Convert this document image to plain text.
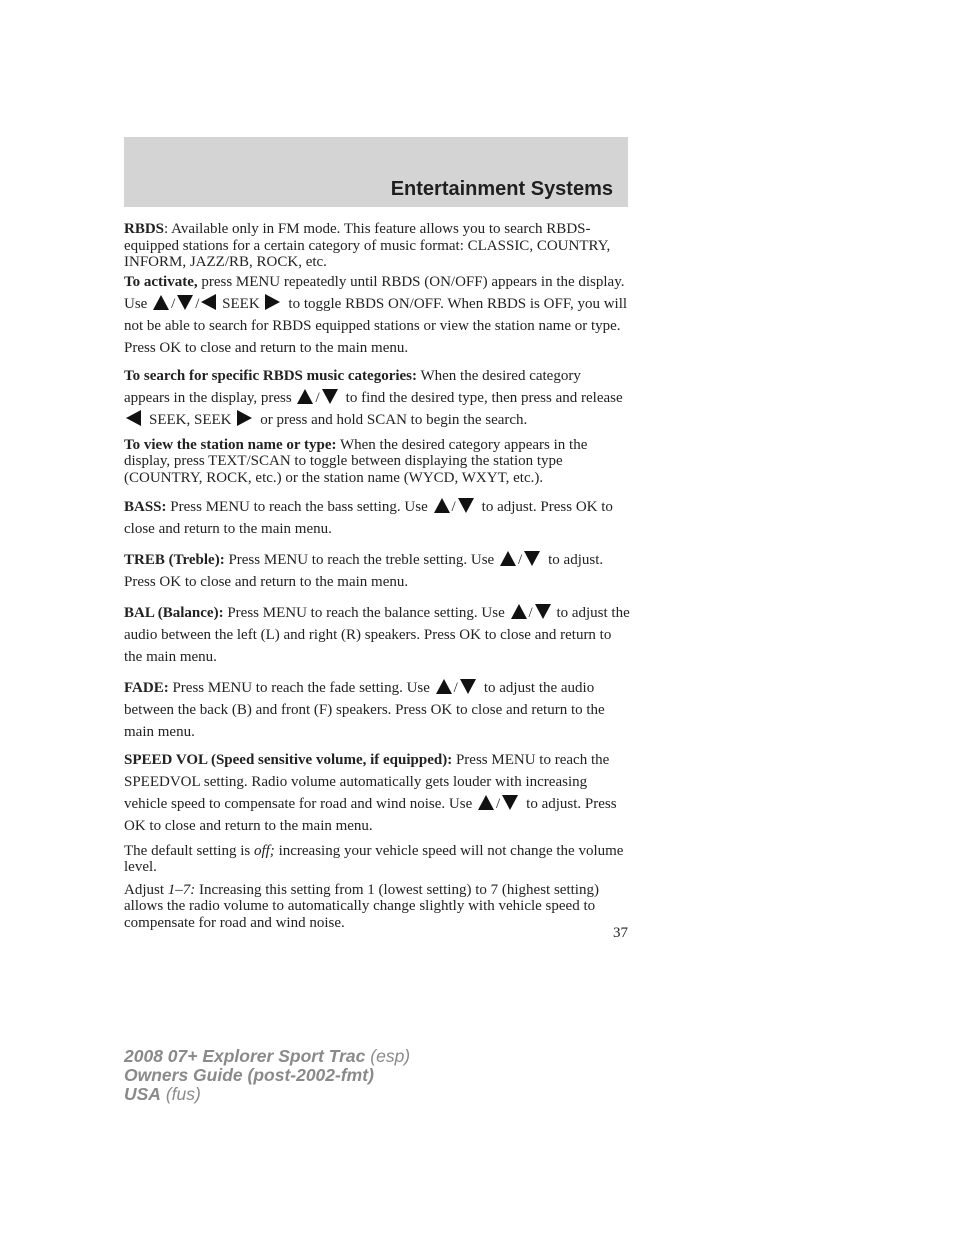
Entertainment Systems

RBDS: Available only in FM mode. This feature allows you to search RBDS-equipped stations for a certain category of music format: CLASSIC, COUNTRY, INFORM, JAZZ/RB, ROCK, etc.

To activate, press MENU repeatedly until RBDS (ON/OFF) appears in the display. Use / / SEEK to toggle RBDS ON/OFF. When RBDS is OFF, you will not be able to search for RBDS equipped stations or view the station name or type. Press OK to close and return to the main menu.

To search for specific RBDS music categories: When the desired category appears in the display, press / to find the desired type, then press and release SEEK, SEEK or press and hold SCAN to begin the search.

To view the station name or type: When the desired category appears in the display, press TEXT/SCAN to toggle between displaying the station type (COUNTRY, ROCK, etc.) or the station name (WYCD, WXYT, etc.).

BASS: Press MENU to reach the bass setting. Use / to adjust. Press OK to close and return to the main menu.

TREB (Treble): Press MENU to reach the treble setting. Use / to adjust. Press OK to close and return to the main menu.

BAL (Balance): Press MENU to reach the balance setting. Use / to adjust the audio between the left (L) and right (R) speakers. Press OK to close and return to the main menu.

FADE: Press MENU to reach the fade setting. Use / to adjust the audio between the back (B) and front (F) speakers. Press OK to close and return to the main menu.

SPEED VOL (Speed sensitive volume, if equipped): Press MENU to reach the SPEEDVOL setting. Radio volume automatically gets louder with increasing vehicle speed to compensate for road and wind noise. Use / to adjust. Press OK to close and return to the main menu.

The default setting is off; increasing your vehicle speed will not change the volume level.

Adjust 1–7: Increasing this setting from 1 (lowest setting) to 7 (highest setting) allows the radio volume to automatically change slightly with vehicle speed to compensate for road and wind noise.

37
2008 07+ Explorer Sport Trac (esp)
Owners Guide (post-2002-fmt)
USA (fus)
